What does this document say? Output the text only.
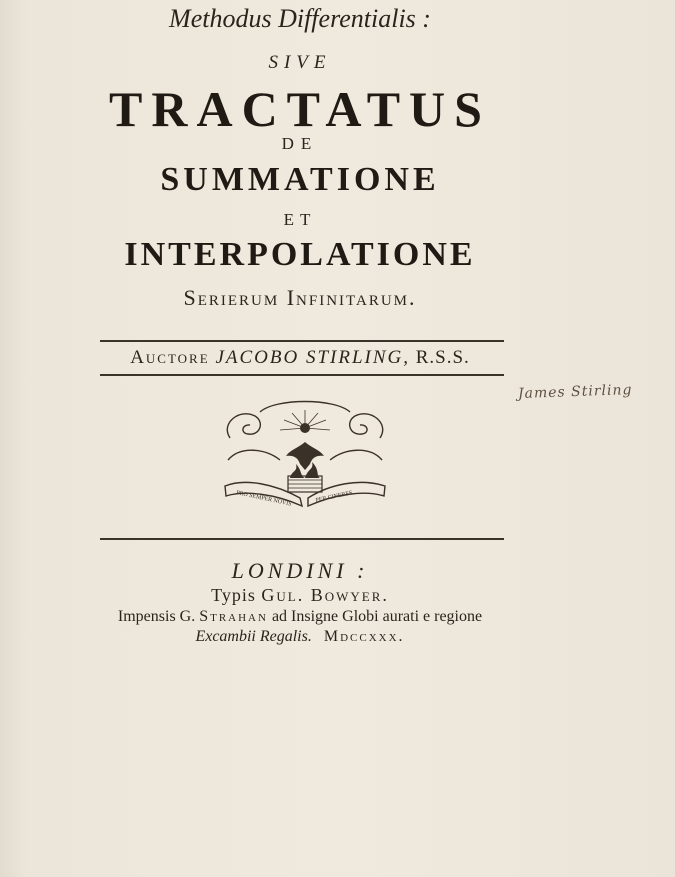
Methodus Differentialis :
SIVE
TRACTATUS
DE
SUMMATIONE
ET
INTERPOLATIONE
Serierum Infinitarum.
Auctore JACOBO STIRLING, R.S.S.
James Stirling
PRO SEMPER NOVIS	PER CINERES
LONDINI :
Typis Gul. Bowyer.
Impensis G. Strahan ad Insigne Globi aurati e regione
Excambii Regalis. Mdccxxx.
